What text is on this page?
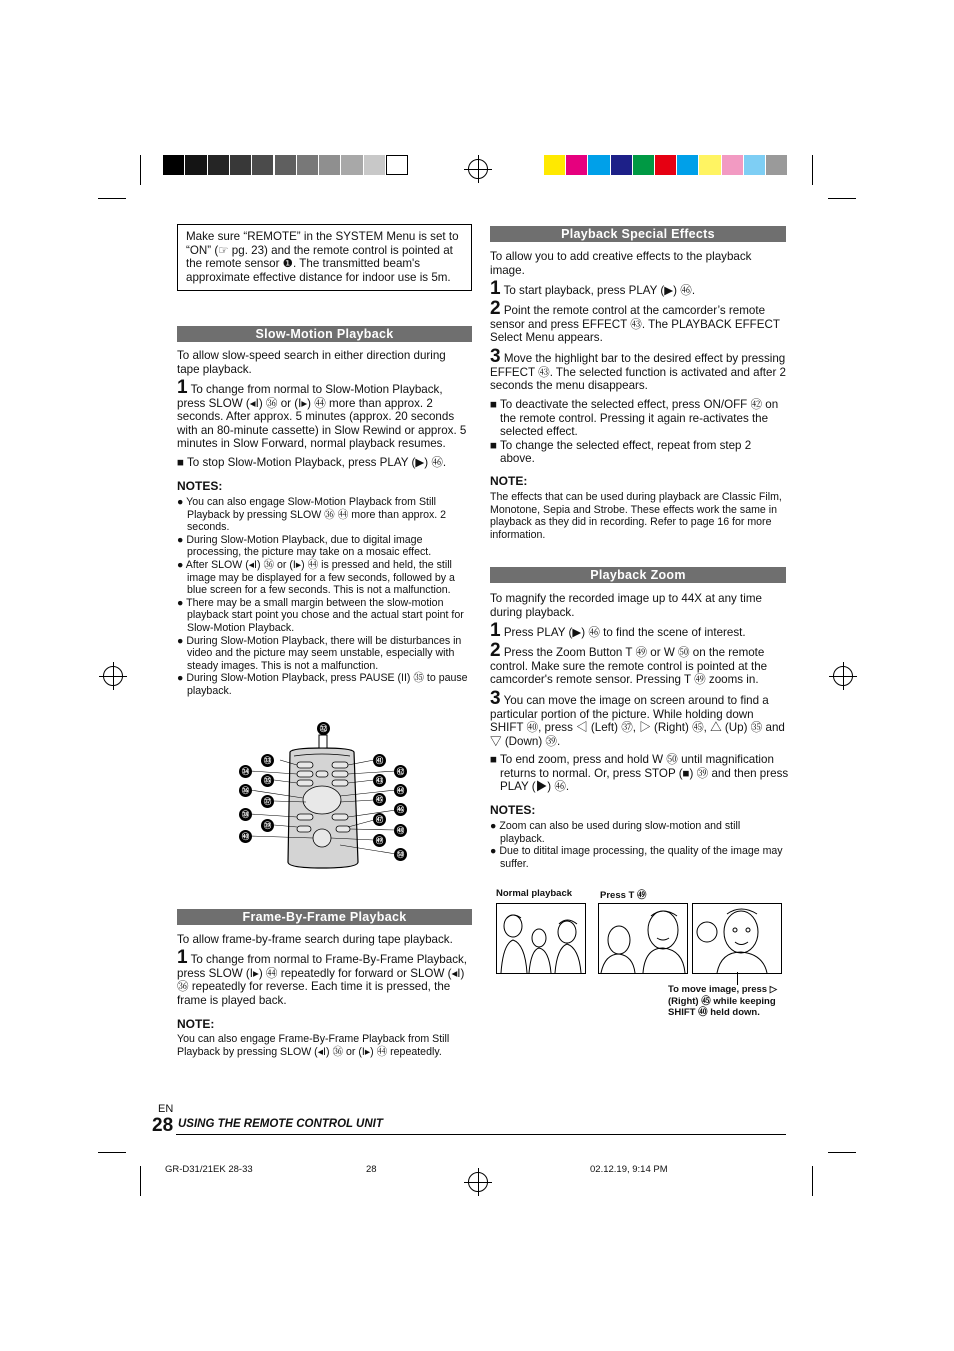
Make sure “REMOTE” in the SYSTEM Menu is set to “ON” (☞ pg. 23) and the remote control is pointed at the remote sensor ❶. The transmitted beam's approximate effective distance for indoor use is 5m.
Slow-Motion Playback
To allow slow-speed search in either direction during tape playback.
1 To change from normal to Slow-Motion Playback, press SLOW (◂I) ㊱ or (I▸) ㊹ more than approx. 2 seconds. After approx. 5 minutes (approx. 20 seconds with an 80-minute cassette) in Slow Rewind or approx. 5 minutes in Slow Forward, normal playback resumes.
■ To stop Slow-Motion Playback, press PLAY (▶) ㊻.
NOTES:

● You can also engage Slow-Motion Playback from Still Playback by pressing SLOW ㊱ ㊹ more than approx. 2 seconds.

● During Slow-Motion Playback, due to digital image processing, the picture may take on a mosaic effect.

● After SLOW (◂I) ㊱ or (I▸) ㊹ is pressed and held, the still image may be displayed for a few seconds, followed by a blue screen for a few seconds. This is not a malfunction.

● There may be a small margin between the slow-motion playback start point you chose and the actual start point for Slow-Motion Playback.

● During Slow-Motion Playback, there will be disturbances in video and the picture may seem unstable, especially with steady images. This is not a malfunction.

● During Slow-Motion Playback, press PAUSE (II) ㉟ to pause playback.

㉜
㉝
㉞
㉟
㊱
㊲
㊳
㊴
㊵
㊶
㊷
㊸
㊹
㊺
㊻
㊼
㊽
㊾
㊿
Frame-By-Frame Playback
To allow frame-by-frame search during tape playback.
1 To change from normal to Frame-By-Frame Playback, press SLOW (I▸) ㊹ repeatedly for forward or SLOW (◂I) ㊱ repeatedly for reverse. Each time it is pressed, the frame is played back.
NOTE:
You can also engage Frame-By-Frame Playback from Still Playback by pressing SLOW (◂I) ㊱ or (I▸) ㊹ repeatedly.
Playback Special Effects
To allow you to add creative effects to the playback image.
1 To start playback, press PLAY (▶) ㊻.
2 Point the remote control at the camcorder’s remote sensor and press EFFECT ㊸. The PLAYBACK EFFECT Select Menu appears.
3 Move the highlight bar to the desired effect by pressing EFFECT ㊸. The selected function is activated and after 2 seconds the menu disappears.

■ To deactivate the selected effect, press ON/OFF ㊷ on the remote control. Pressing it again re-activates the selected effect.

■ To change the selected effect, repeat from step 2 above.

NOTE:
The effects that can be used during playback are Classic Film, Monotone, Sepia and Strobe. These effects work the same in playback as they did in recording. Refer to page 16 for more information.
Playback Zoom
To magnify the recorded image up to 44X at any time during playback.
1 Press PLAY (▶) ㊻ to find the scene of interest.
2 Press the Zoom Button T ㊾ or W ㊿ on the remote control. Make sure the remote control is pointed at the camcorder's remote sensor. Pressing T ㊾ zooms in.
3 You can move the image on screen around to find a particular portion of the picture. While holding down SHIFT ㊵, press ◁ (Left) ㊲, ▷ (Right) ㊺, △ (Up) ㉟ and ▽ (Down) ㊴.
■ To end zoom, press and hold W ㊿ until magnification returns to normal. Or, press STOP (■) ㊴ and then press PLAY (▶) ㊻.
NOTES:

● Zoom can also be used during slow-motion and still playback.

● Due to ditital image processing, the quality of the image may suffer.

Normal playback	Press T ㊾
To move image, press ▷ (Right) ㊺ while keeping SHIFT ㊵ held down.
EN
28 USING THE REMOTE CONTROL UNIT
GR-D31/21EK 28-33	28	02.12.19, 9:14 PM
